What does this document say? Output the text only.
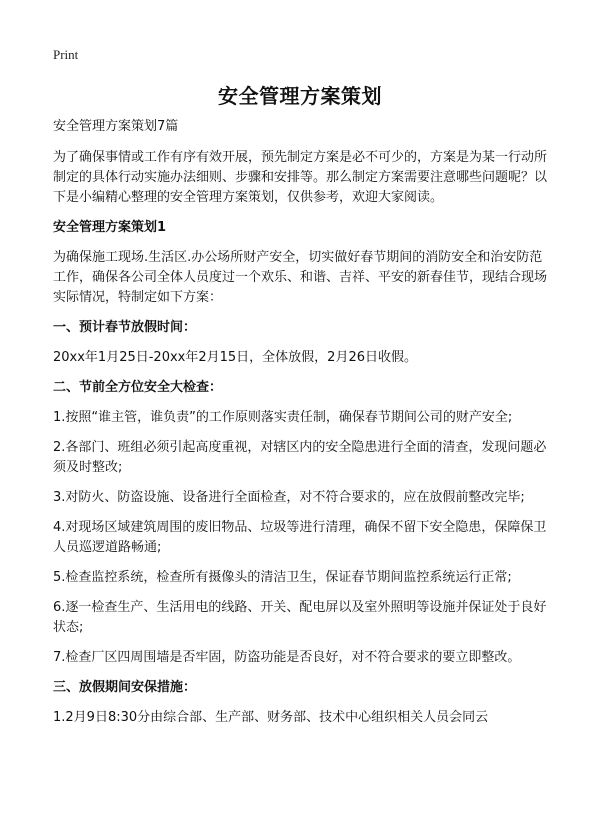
Print
安全管理方案策划

安全管理方案策划7篇

为了确保事情或工作有序有效开展，预先制定方案是必不可少的，方案是为某一行动所制定的具体行动实施办法细则、步骤和安排等。那么制定方案需要注意哪些问题呢？以下是小编精心整理的安全管理方案策划，仅供参考，欢迎大家阅读。

安全管理方案策划1

为确保施工现场.生活区.办公场所财产安全，切实做好春节期间的消防安全和治安防范工作，确保各公司全体人员度过一个欢乐、和谐、吉祥、平安的新春佳节，现结合现场实际情况，特制定如下方案：

一、预计春节放假时间：

20xx年1月25日-20xx年2月15日，全体放假，2月26日收假。

二、节前全方位安全大检查：

1.按照“谁主管，谁负责”的工作原则落实责任制，确保春节期间公司的财产安全;

2.各部门、班组必须引起高度重视，对辖区内的安全隐患进行全面的清查，发现问题必须及时整改;

3.对防火、防盗设施、设备进行全面检查，对不符合要求的，应在放假前整改完毕;

4.对现场区域建筑周围的废旧物品、垃圾等进行清理，确保不留下安全隐患，保障保卫人员巡逻道路畅通;

5.检查监控系统，检查所有摄像头的清洁卫生，保证春节期间监控系统运行正常;

6.逐一检查生产、生活用电的线路、开关、配电屏以及室外照明等设施并保证处于良好状态;

7.检查厂区四周围墙是否牢固，防盗功能是否良好，对不符合要求的要立即整改。

三、放假期间安保措施：

1.2月9日8:30分由综合部、生产部、财务部、技术中心组织相关人员会同云
